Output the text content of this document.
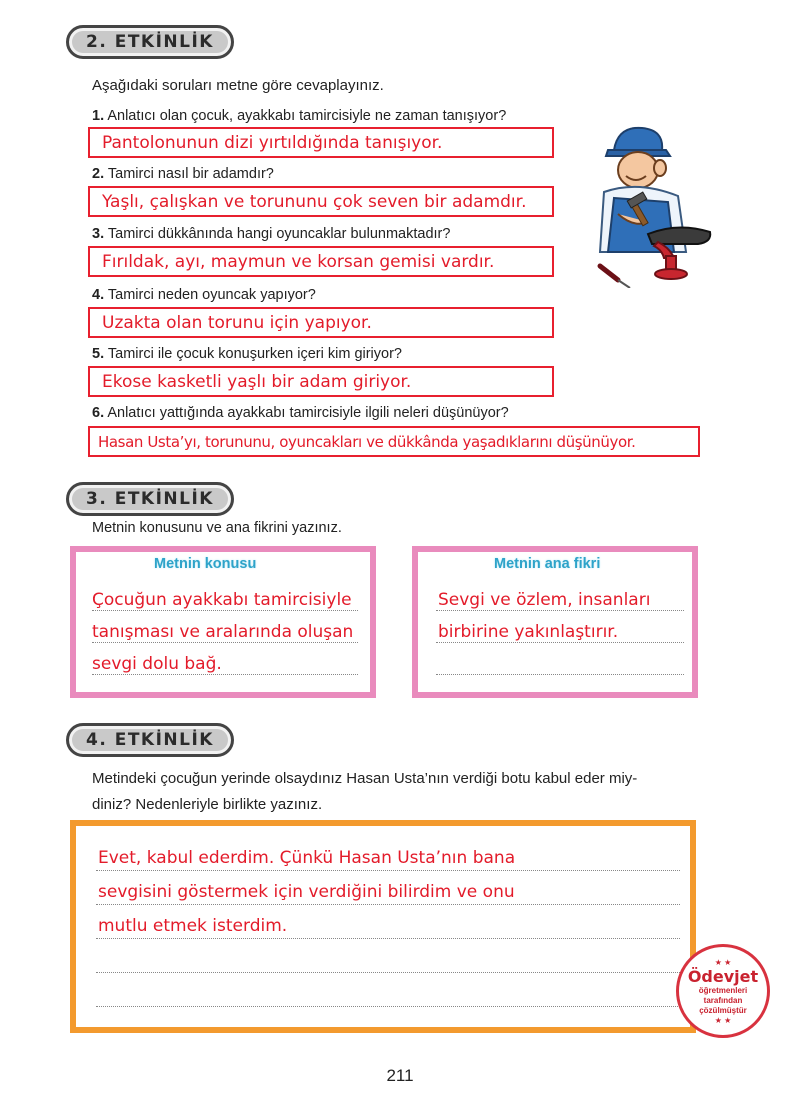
2. ETKİNLİK
Aşağıdaki soruları metne göre cevaplayınız.
1. Anlatıcı olan çocuk, ayakkabı tamircisiyle ne zaman tanışıyor?
Pantolonunun dizi yırtıldığında tanışıyor.
2. Tamirci nasıl bir adamdır?
Yaşlı, çalışkan ve torununu çok seven bir adamdır.
3. Tamirci dükkânında hangi oyuncaklar bulunmaktadır?
Fırıldak, ayı, maymun ve korsan gemisi vardır.
4. Tamirci neden oyuncak yapıyor?
Uzakta olan torunu için yapıyor.
5. Tamirci ile çocuk konuşurken içeri kim giriyor?
Ekose kasketli yaşlı bir adam giriyor.
6. Anlatıcı yattığında ayakkabı tamircisiyle ilgili neleri düşünüyor?
Hasan Usta’yı, torununu, oyuncakları ve dükkânda yaşadıklarını düşünüyor.
3. ETKİNLİK
Metnin konusunu ve ana fikrini yazınız.
Metnin konusu
Çocuğun ayakkabı tamircisiyle
tanışması ve aralarında oluşan
sevgi dolu bağ.
Metnin ana fikri
Sevgi ve özlem, insanları
birbirine yakınlaştırır.
4. ETKİNLİK
Metindeki çocuğun yerinde olsaydınız Hasan Usta’nın verdiği botu kabul eder miy-
diniz? Nedenleriyle birlikte yazınız.
Evet, kabul ederdim. Çünkü Hasan Usta’nın bana
sevgisini göstermek için verdiğini bilirdim ve onu
mutlu etmek isterdim.
★ ★
Ödevjet
öğretmenleri
tarafından
çözülmüştür
★ ★
211
